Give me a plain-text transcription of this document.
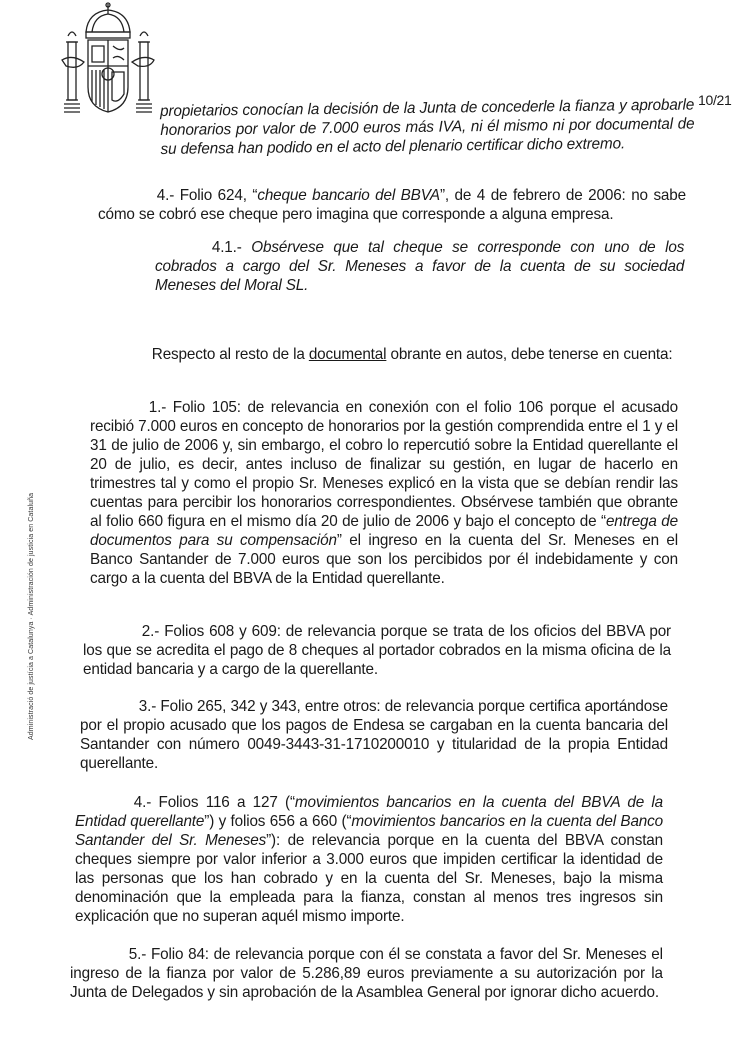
10/21
Administració de justícia a Catalunya · Administración de justicia en Cataluña

propietarios conocían la decisión de la Junta de concederle la fianza y aprobarle honorarios por valor de 7.000 euros más IVA, ni él mismo ni por documental de su defensa han podido en el acto del plenario certificar dicho extremo.

4.- Folio 624, “cheque bancario del BBVA”, de 4 de febrero de 2006: no sabe cómo se cobró ese cheque pero imagina que corresponde a alguna empresa.

4.1.- Obsérvese que tal cheque se corresponde con uno de los cobrados a cargo del Sr. Meneses a favor de la cuenta de su sociedad Meneses del Moral SL.

Respecto al resto de la documental obrante en autos, debe tenerse en cuenta:

1.- Folio 105: de relevancia en conexión con el folio 106 porque el acusado recibió 7.000 euros en concepto de honorarios por la gestión comprendida entre el 1 y el 31 de julio de 2006 y, sin embargo, el cobro lo repercutió sobre la Entidad querellante el 20 de julio, es decir, antes incluso de finalizar su gestión, en lugar de hacerlo en trimestres tal y como el propio Sr. Meneses explicó en la vista que se debían rendir las cuentas para percibir los honorarios correspondientes. Obsérvese también que obrante al folio 660 figura en el mismo día 20 de julio de 2006 y bajo el concepto de “entrega de documentos para su compensación” el ingreso en la cuenta del Sr. Meneses en el Banco Santander de 7.000 euros que son los percibidos por él indebidamente y con cargo a la cuenta del BBVA de la Entidad querellante.

2.- Folios 608 y 609: de relevancia porque se trata de los oficios del BBVA por los que se acredita el pago de 8 cheques al portador cobrados en la misma oficina de la entidad bancaria y a cargo de la querellante.

3.- Folio 265, 342 y 343, entre otros: de relevancia porque certifica aportándose por el propio acusado que los pagos de Endesa se cargaban en la cuenta bancaria del Santander con número 0049-3443-31-1710200010 y titularidad de la propia Entidad querellante.

4.- Folios 116 a 127 (“movimientos bancarios en la cuenta del BBVA de la Entidad querellante”) y folios 656 a 660 (“movimientos bancarios en la cuenta del Banco Santander del Sr. Meneses”): de relevancia porque en la cuenta del BBVA constan cheques siempre por valor inferior a 3.000 euros que impiden certificar la identidad de las personas que los han cobrado y en la cuenta del Sr. Meneses, bajo la misma denominación que la empleada para la fianza, constan al menos tres ingresos sin explicación que no superan aquél mismo importe.

5.- Folio 84: de relevancia porque con él se constata a favor del Sr. Meneses el ingreso de la fianza por valor de 5.286,89 euros previamente a su autorización por la Junta de Delegados y sin aprobación de la Asamblea General por ignorar dicho acuerdo.
